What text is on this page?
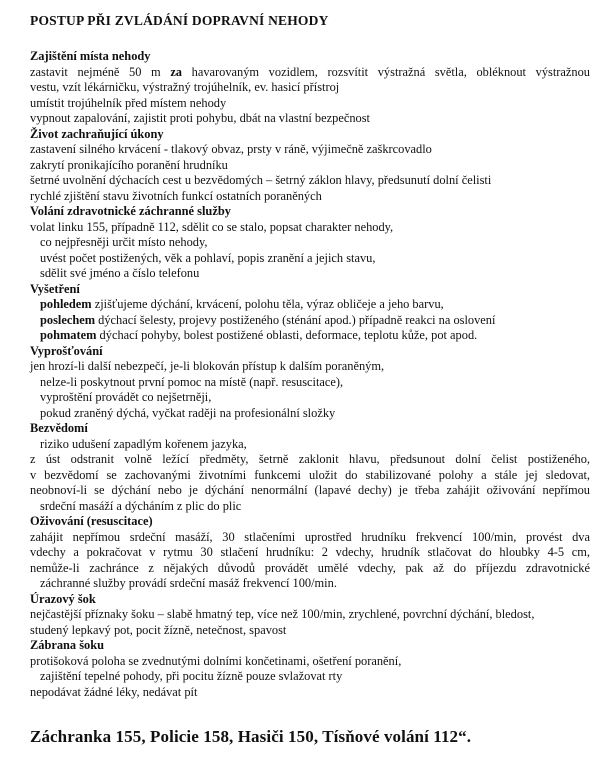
POSTUP PŘI ZVLÁDÁNÍ DOPRAVNÍ NEHODY
Zajištění místa nehody
zastavit nejméně 50 m za havarovaným vozidlem, rozsvítit výstražná světla, obléknout výstražnou
vestu, vzít lékárničku, výstražný trojúhelník, ev. hasicí přístroj
umístit trojúhelník před místem nehody
vypnout zapalování, zajistit proti pohybu, dbát na vlastní bezpečnost
Život zachraňující úkony
zastavení silného krvácení - tlakový obvaz, prsty v ráně, výjimečně zaškrcovadlo
zakrytí pronikajícího poranění hrudníku
šetrné uvolnění dýchacích cest u bezvědomých – šetrný záklon hlavy, předsunutí dolní čelisti
rychlé zjištění stavu životních funkcí ostatních poraněných
Volání zdravotnické záchranné služby
volat linku 155, případně 112, sdělit co se stalo, popsat charakter nehody,
co nejpřesněji určit místo nehody,
uvést počet postižených, věk a pohlaví, popis zranění a jejich stavu,
sdělit své jméno a číslo telefonu
Vyšetření
pohledem zjišťujeme dýchání, krvácení, polohu těla, výraz obličeje a jeho barvu,
poslechem dýchací šelesty, projevy postiženého (sténání apod.) případně reakci na oslovení
pohmatem dýchací pohyby, bolest postižené oblasti, deformace, teplotu kůže, pot apod.
Vyprošťování
jen hrozí-li další nebezpečí, je-li blokován přístup k dalším poraněným,
nelze-li poskytnout první pomoc na místě (např. resuscitace),
vyproštění provádět co nejšetrněji,
pokud zraněný dýchá, vyčkat raději na profesionální složky
Bezvědomí
riziko udušení zapadlým kořenem jazyka,
z úst odstranit volně ležící předměty, šetrně zaklonit hlavu, předsunout dolní čelist postiženého,
v bezvědomí se zachovanými životními funkcemi uložit do stabilizované polohy a stále jej sledovat,
neobnoví-li se dýchání nebo je dýchání nenormální (lapavé dechy) je třeba zahájit oživování nepřímou
srdeční masáží a dýcháním z plic do plic
Oživování (resuscitace)
zahájit nepřímou srdeční masáží, 30 stlačeními uprostřed hrudníku frekvencí 100/min, provést dva
vdechy a pokračovat v rytmu 30 stlačení hrudníku: 2 vdechy, hrudník stlačovat do hloubky 4-5 cm,
nemůže-li zachránce z nějakých důvodů provádět umělé vdechy, pak až do příjezdu zdravotnické
záchranné služby provádí srdeční masáž frekvencí 100/min.
Úrazový šok
nejčastější příznaky šoku – slabě hmatný tep, více než 100/min, zrychlené, povrchní dýchání, bledost,
studený lepkavý pot, pocit žízně, netečnost, spavost
Zábrana šoku
protišoková poloha se zvednutými dolními končetinami, ošetření poranění,
zajištění tepelné pohody, při pocitu žízně pouze svlažovat rty
nepodávat žádné léky, nedávat pít
Záchranka 155, Policie 158, Hasiči 150, Tísňové volání 112“.
